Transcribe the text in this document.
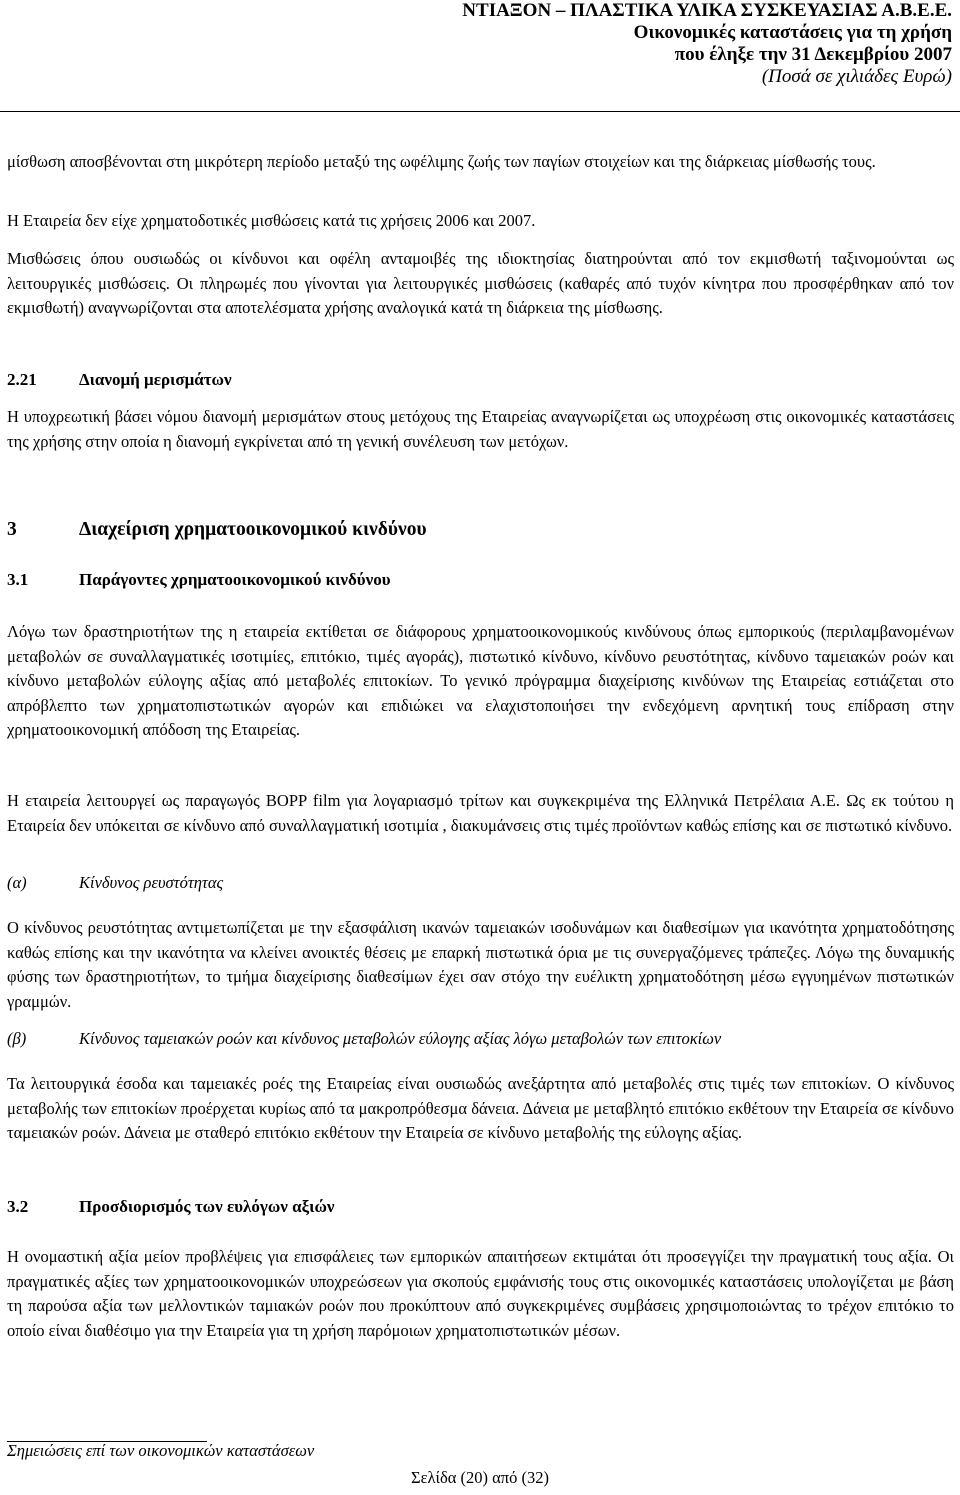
ΝΤΙΑΞΟΝ – ΠΛΑΣΤΙΚΑ ΥΛΙΚΑ ΣΥΣΚΕΥΑΣΙΑΣ Α.Β.Ε.Ε.
Οικονομικές καταστάσεις για τη χρήση
που έληξε την 31 Δεκεμβρίου 2007
(Ποσά σε χιλιάδες Ευρώ)

μίσθωση αποσβένονται στη μικρότερη περίοδο μεταξύ της ωφέλιμης ζωής των παγίων στοιχείων και της διάρκειας μίσθωσής τους.

Η Εταιρεία δεν είχε χρηματοδοτικές μισθώσεις κατά τις χρήσεις 2006 και 2007.

Μισθώσεις όπου ουσιωδώς οι κίνδυνοι και οφέλη ανταμοιβές της ιδιοκτησίας διατηρούνται από τον εκμισθωτή ταξινομούνται ως λειτουργικές μισθώσεις. Οι πληρωμές που γίνονται για λειτουργικές μισθώσεις (καθαρές από τυχόν κίνητρα που προσφέρθηκαν από τον εκμισθωτή) αναγνωρίζονται στα αποτελέσματα χρήσης αναλογικά κατά τη διάρκεια της μίσθωσης.

2.21	Διανομή μερισμάτων

Η υποχρεωτική βάσει νόμου διανομή μερισμάτων στους μετόχους της Εταιρείας αναγνωρίζεται ως υποχρέωση στις οικονομικές καταστάσεις της χρήσης στην οποία η διανομή εγκρίνεται από τη γενική συνέλευση των μετόχων.

3	Διαχείριση χρηματοοικονομικού κινδύνου
3.1	Παράγοντες χρηματοοικονομικού κινδύνου

Λόγω των δραστηριοτήτων της η εταιρεία εκτίθεται σε διάφορους χρηματοοικονομικούς κινδύνους όπως εμπορικούς (περιλαμβανομένων μεταβολών σε συναλλαγματικές ισοτιμίες, επιτόκιο, τιμές αγοράς), πιστωτικό κίνδυνο, κίνδυνο ρευστότητας, κίνδυνο ταμειακών ροών και κίνδυνο μεταβολών εύλογης αξίας από μεταβολές επιτοκίων. Το γενικό πρόγραμμα διαχείρισης κινδύνων της Εταιρείας εστιάζεται στο απρόβλεπτο των χρηματοπιστωτικών αγορών και επιδιώκει να ελαχιστοποιήσει την ενδεχόμενη αρνητική τους επίδραση στην χρηματοοικονομική απόδοση της Εταιρείας.

Η εταιρεία λειτουργεί ως παραγωγός BOPP film για λογαριασμό τρίτων και συγκεκριμένα της Ελληνικά Πετρέλαια Α.Ε. Ως εκ τούτου η Εταιρεία δεν υπόκειται σε κίνδυνο από συναλλαγματική ισοτιμία , διακυμάνσεις στις τιμές προϊόντων καθώς επίσης και σε πιστωτικό κίνδυνο.

(α)	Κίνδυνος ρευστότητας

Ο κίνδυνος ρευστότητας αντιμετωπίζεται με την εξασφάλιση ικανών ταμειακών ισοδυνάμων και διαθεσίμων για ικανότητα χρηματοδότησης καθώς επίσης και την ικανότητα να κλείνει ανοικτές θέσεις με επαρκή πιστωτικά όρια με τις συνεργαζόμενες τράπεζες. Λόγω της δυναμικής φύσης των δραστηριοτήτων, το τμήμα διαχείρισης διαθεσίμων έχει σαν στόχο την ευέλικτη χρηματοδότηση μέσω εγγυημένων πιστωτικών γραμμών.

(β)	Κίνδυνος ταμειακών ροών και κίνδυνος μεταβολών εύλογης αξίας λόγω μεταβολών των επιτοκίων

Τα λειτουργικά έσοδα και ταμειακές ροές της Εταιρείας είναι ουσιωδώς ανεξάρτητα από μεταβολές στις τιμές των επιτοκίων. Ο κίνδυνος μεταβολής των επιτοκίων προέρχεται κυρίως από τα μακροπρόθεσμα δάνεια. Δάνεια με μεταβλητό επιτόκιο εκθέτουν την Εταιρεία σε κίνδυνο ταμειακών ροών. Δάνεια με σταθερό επιτόκιο εκθέτουν την Εταιρεία σε κίνδυνο μεταβολής της εύλογης αξίας.

3.2	Προσδιορισμός των ευλόγων αξιών

Η ονομαστική αξία μείον προβλέψεις για επισφάλειες των εμπορικών απαιτήσεων εκτιμάται ότι προσεγγίζει την πραγματική τους αξία. Οι πραγματικές αξίες των χρηματοοικονομικών υποχρεώσεων για σκοπούς εμφάνισής τους στις οικονομικές καταστάσεις υπολογίζεται με βάση τη παρούσα αξία των μελλοντικών ταμιακών ροών που προκύπτουν από συγκεκριμένες συμβάσεις χρησιμοποιώντας το τρέχον επιτόκιο το οποίο είναι διαθέσιμο για την Εταιρεία για τη χρήση παρόμοιων χρηματοπιστωτικών μέσων.

Σημειώσεις επί των οικονομικών καταστάσεων
Σελίδα (20) από (32)
